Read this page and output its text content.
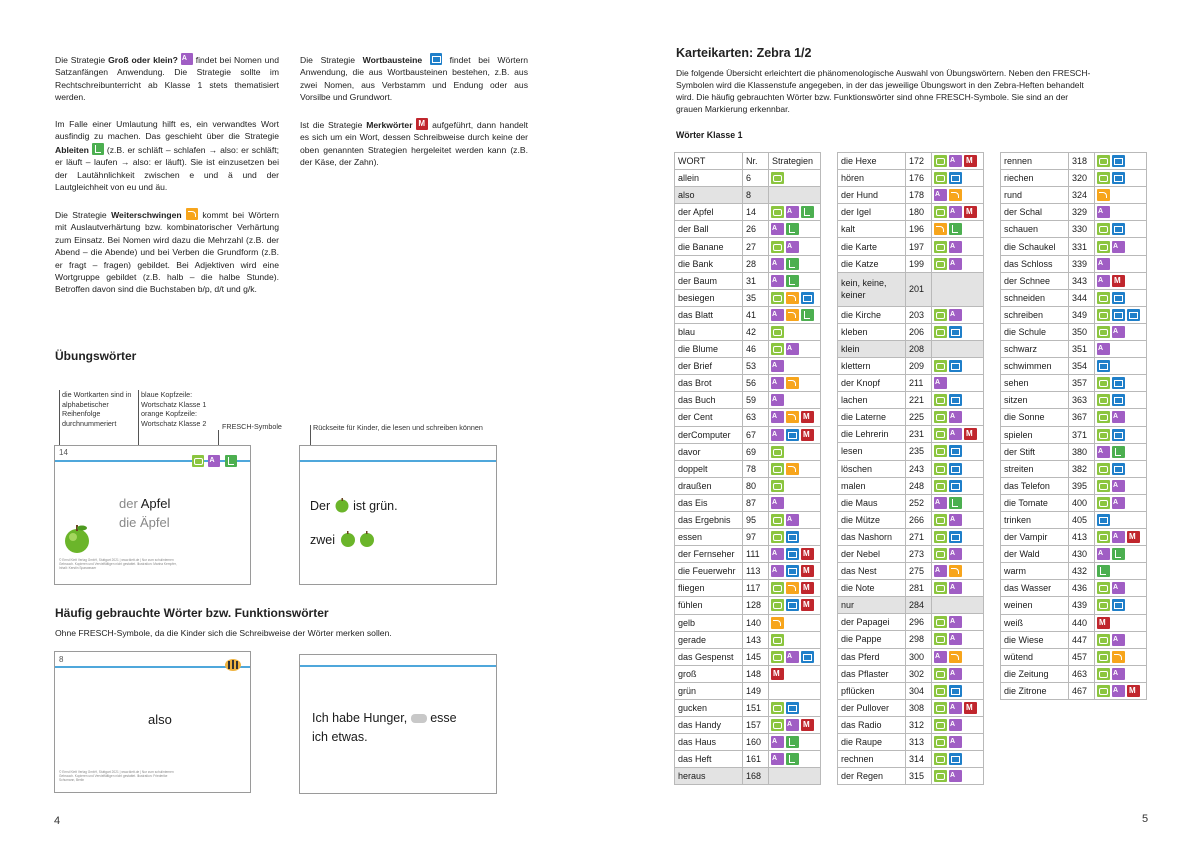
Die Strategie Groß oder klein? A findet bei Nomen und Satzanfängen Anwendung. Die Strategie sollte im Rechtschreibunterricht ab Klasse 1 stets thematisiert werden.
Im Falle einer Umlautung hilft es, ein verwandtes Wort ausfindig zu machen. Das geschieht über die Strategie Ableiten  (z.B. er schläft – schlafen → also: er schläft; er läuft – laufen → also: er läuft). Sie ist einzusetzen bei der Lautähnlichkeit zwischen e und ä und der Lautgleichheit von eu und äu.
Die Strategie Weiterschwingen  kommt bei Wörtern mit Auslautverhärtung bzw. kombinatorischer Verhärtung zum Einsatz. Bei Nomen wird dazu die Mehrzahl (z.B. der Abend – die Abende) und bei Verben die Grundform (z.B. er fragt – fragen) gebildet. Bei Adjektiven wird eine Wortgruppe gebildet (z.B. halb – die halbe Stunde). Betroffen davon sind die Buchstaben b/p, d/t und g/k.
Die Strategie Wortbausteine  findet bei Wörtern Anwendung, die aus Wortbausteinen bestehen, z.B. aus zwei Nomen, aus Verbstamm und Endung oder aus Vorsilbe und Grundwort.
Ist die Strategie Merkwörter M aufgeführt, dann handelt es sich um ein Wort, dessen Schreibweise durch keine der oben genannten Strategien hergeleitet werden kann (z.B. der Käse, der Zahn).
Übungswörter
die Wortkarten sind in alphabetischer Reihenfolge durchnummeriert
blaue Kopfzeile: Wortschatz Klasse 1 orange Kopfzeile: Wortschatz Klasse 2	FRESCH-Symbole	Rückseite für Kinder, die lesen und schreiben können
14
A
der Apfel
die Äpfel
© Ernst Klett Verlag GmbH, Stuttgart 2021 | www.klett.de | Nur zum schulinternen Gebrauch. Kopieren und Vervielfältigen nicht gestattet. Illustration: Marina Kempfer, Inhalt: Kerstin Sparwasser
Der ist grün.
zwei
Häufig gebrauchte Wörter bzw. Funktionswörter
Ohne FRESCH-Symbole, da die Kinder sich die Schreibweise der Wörter merken sollen.
8
also
© Ernst Klett Verlag GmbH, Stuttgart 2021 | www.klett.de | Nur zum schulinternen Gebrauch. Kopieren und Vervielfältigen nicht gestattet. Illustration: Friederike Schumann, Berlin
Ich habe Hunger, esse
ich etwas.
4
Karteikarten: Zebra 1/2
Die folgende Übersicht erleichtert die phänomenologische Auswahl von Übungswörtern. Neben den FRESCH-Symbolen wird die Klassenstufe angegeben, in der das jeweilige Übungswort in den Zebra-Heften behandelt wird. Die häufig gebrauchten Wörter bzw. Funktionswörter sind ohne FRESCH-Symbole. Sie sind an der grauen Markierung erkennbar.
Wörter Klasse 1
WORT	Nr.	Strategien
allein	6	
also	8	
der Apfel	14	A
der Ball	26	A
die Banane	27	A
die Bank	28	A
der Baum	31	A
besiegen	35	
das Blatt	41	A
blau	42	
die Blume	46	A
der Brief	53	A
das Brot	56	A
das Buch	59	A
der Cent	63	AM
derComputer	67	AM
davor	69	
doppelt	78	
draußen	80	
das Eis	87	A
das Ergebnis	95	A
essen	97	
der Fernseher	111	AM
die Feuerwehr	113	AM
fliegen	117	M
fühlen	128	M
gelb	140	
gerade	143	
das Gespenst	145	A
groß	148	M
grün	149	
gucken	151	
das Handy	157	AM
das Haus	160	A
das Heft	161	A
heraus	168	
die Hexe	172	AM
hören	176	
der Hund	178	A
der Igel	180	AM
kalt	196	
die Karte	197	A
die Katze	199	A
kein, keine, keiner	201	
die Kirche	203	A
kleben	206	
klein	208	
klettern	209	
der Knopf	211	A
lachen	221	
die Laterne	225	A
die Lehrerin	231	AM
lesen	235	
löschen	243	
malen	248	
die Maus	252	A
die Mütze	266	A
das Nashorn	271	
der Nebel	273	A
das Nest	275	A
die Note	281	A
nur	284	
der Papagei	296	A
die Pappe	298	A
das Pferd	300	A
das Pflaster	302	A
pflücken	304	
der Pullover	308	AM
das Radio	312	A
die Raupe	313	A
rechnen	314	
der Regen	315	A
rennen	318	
riechen	320	
rund	324	
der Schal	329	A
schauen	330	
die Schaukel	331	A
das Schloss	339	A
der Schnee	343	AM
schneiden	344	
schreiben	349	
die Schule	350	A
schwarz	351	A
schwimmen	354	
sehen	357	
sitzen	363	
die Sonne	367	A
spielen	371	
der Stift	380	A
streiten	382	
das Telefon	395	A
die Tomate	400	A
trinken	405	
der Vampir	413	AM
der Wald	430	A
warm	432	
das Wasser	436	A
weinen	439	
weiß	440	M
die Wiese	447	A
wütend	457	
die Zeitung	463	A
die Zitrone	467	AM
5
